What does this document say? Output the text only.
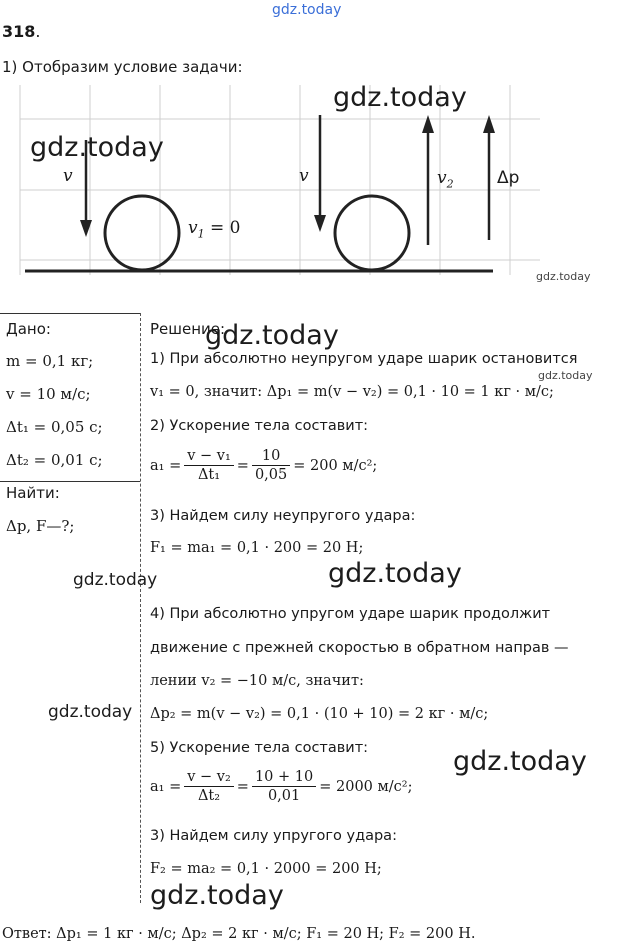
gdz.today
318.
1) Отобразим условие задачи:
v
$v_1 = 0$
v	$v_2$	Δp
Дано:
m = 0,1 кг;
v = 10 м/с;
Δt₁ = 0,05 с;
Δt₂ = 0,01 с;
Найти:
Δp, F—?;
Решение:
1) При абсолютно неупругом ударе шарик остановится
v₁ = 0, значит: Δp₁ = m(v − v₂) = 0,1 · 10 = 1 кг · м/с;
2) Ускорение тела составит:
$a_1 = \frac{\text{v − v₁}}{\text{Δt₁}} = \frac{10}{0,05} = 200$ м/с²;
3) Найдем силу неупругого удара:
F₁ = ma₁ = 0,1 · 200 = 20 Н;
4) При абсолютно упругом ударе шарик продолжит
движение с прежней скоростью в обратном направ —
лении v₂ = −10 м/с, значит:
Δp₂ = m(v − v₂) = 0,1 · (10 + 10) = 2 кг · м/с;
5) Ускорение тела составит:
$a_1 = \frac{\text{v − v₂}}{\text{Δt₂}} = \frac{10 + 10}{0,01} = 2000$ м/с²;
3) Найдем силу упругого удара:
F₂ = ma₂ = 0,1 · 2000 = 200 Н;
Ответ: Δp₁ = 1 кг · м/с; Δp₂ = 2 кг · м/с; F₁ = 20 Н; F₂ = 200 Н.
gdz.today
gdz.today
gdz.today
gdz.today
gdz.today
gdz.today
gdz.today
gdz.today
gdz.today
gdz.today
